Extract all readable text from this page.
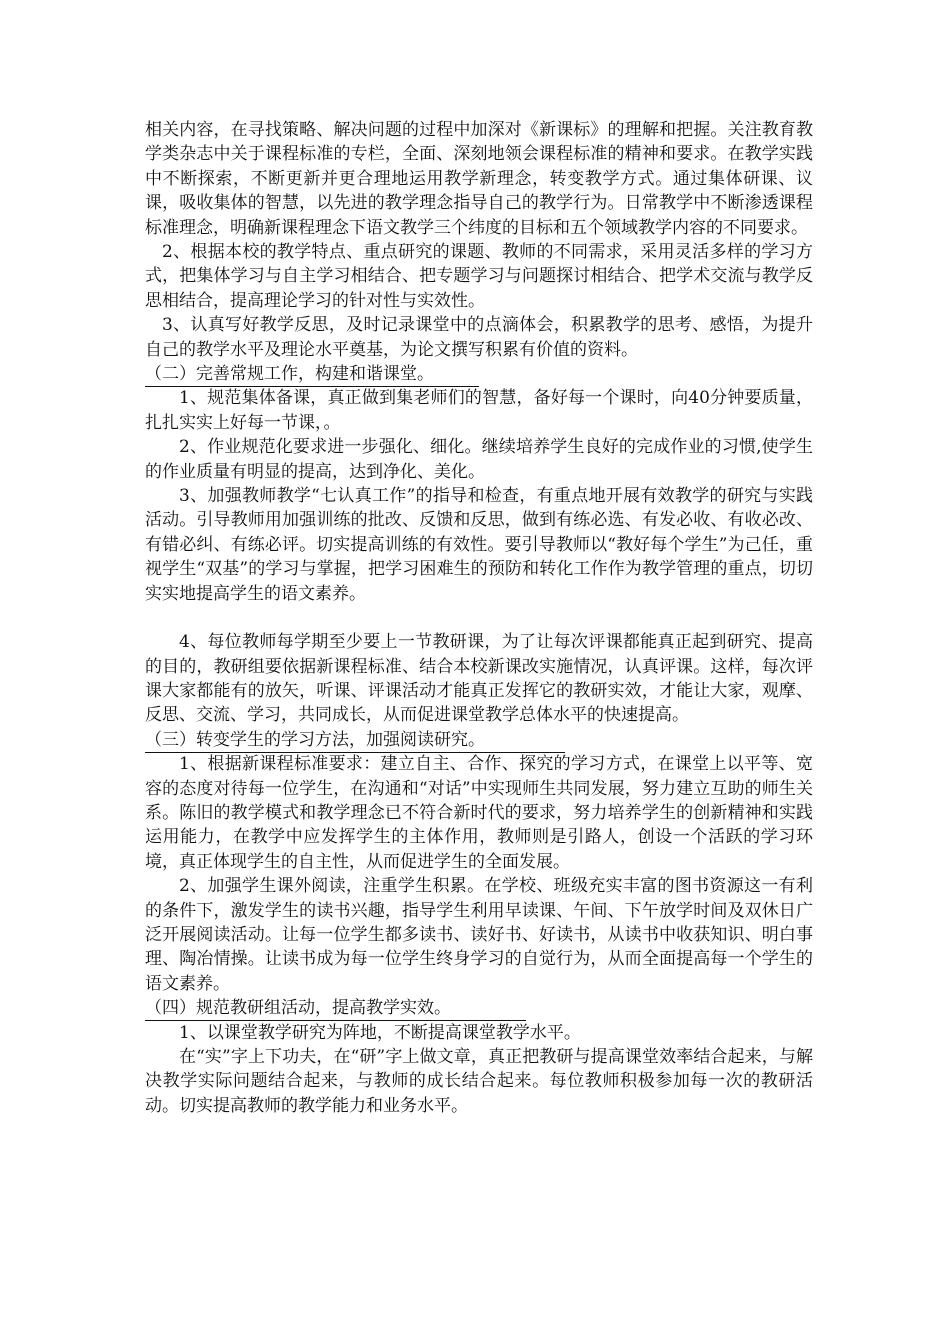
相关内容，在寻找策略、解决问题的过程中加深对《新课标》的理解和把握。关注教育教学类杂志中关于课程标准的专栏，全面、深刻地领会课程标准的精神和要求。在教学实践中不断探索，不断更新并更合理地运用教学新理念，转变教学方式。通过集体研课、议课，吸收集体的智慧，以先进的教学理念指导自己的教学行为。日常教学中不断渗透课程标准理念，明确新课程理念下语文教学三个纬度的目标和五个领域教学内容的不同要求。

2、根据本校的教学特点、重点研究的课题、教师的不同需求，采用灵活多样的学习方式，把集体学习与自主学习相结合、把专题学习与问题探讨相结合、把学术交流与教学反思相结合，提高理论学习的针对性与实效性。

3、认真写好教学反思，及时记录课堂中的点滴体会，积累教学的思考、感悟，为提升自己的教学水平及理论水平奠基，为论文撰写积累有价值的资料。

（二）完善常规工作，构建和谐课堂。

1、规范集体备课，真正做到集老师们的智慧，备好每一个课时，向40分钟要质量，扎扎实实上好每一节课，。

2、作业规范化要求进一步强化、细化。继续培养学生良好的完成作业的习惯,使学生的作业质量有明显的提高，达到净化、美化。

3、加强教师教学“七认真工作”的指导和检查，有重点地开展有效教学的研究与实践活动。引导教师用加强训练的批改、反馈和反思，做到有练必选、有发必收、有收必改、有错必纠、有练必评。切实提高训练的有效性。要引导教师以“教好每个学生”为己任，重视学生“双基”的学习与掌握，把学习困难生的预防和转化工作作为教学管理的重点，切切实实地提高学生的语文素养。

4、每位教师每学期至少要上一节教研课，为了让每次评课都能真正起到研究、提高的目的，教研组要依据新课程标准、结合本校新课改实施情况，认真评课。这样，每次评课大家都能有的放矢，听课、评课活动才能真正发挥它的教研实效，才能让大家，观摩、反思、交流、学习，共同成长，从而促进课堂教学总体水平的快速提高。

（三）转变学生的学习方法，加强阅读研究。

1、根据新课程标准要求：建立自主、合作、探究的学习方式，在课堂上以平等、宽容的态度对待每一位学生，在沟通和“对话”中实现师生共同发展，努力建立互助的师生关系。陈旧的教学模式和教学理念已不符合新时代的要求，努力培养学生的创新精神和实践运用能力，在教学中应发挥学生的主体作用，教师则是引路人，创设一个活跃的学习环境，真正体现学生的自主性，从而促进学生的全面发展。

2、加强学生课外阅读，注重学生积累。在学校、班级充实丰富的图书资源这一有利的条件下，激发学生的读书兴趣，指导学生利用早读课、午间、下午放学时间及双休日广泛开展阅读活动。让每一位学生都多读书、读好书、好读书，从读书中收获知识、明白事理、陶冶情操。让读书成为每一位学生终身学习的自觉行为，从而全面提高每一个学生的语文素养。

（四）规范教研组活动，提高教学实效。

1、以课堂教学研究为阵地，不断提高课堂教学水平。

在“实”字上下功夫，在“研”字上做文章，真正把教研与提高课堂效率结合起来，与解决教学实际问题结合起来，与教师的成长结合起来。每位教师积极参加每一次的教研活动。切实提高教师的教学能力和业务水平。
